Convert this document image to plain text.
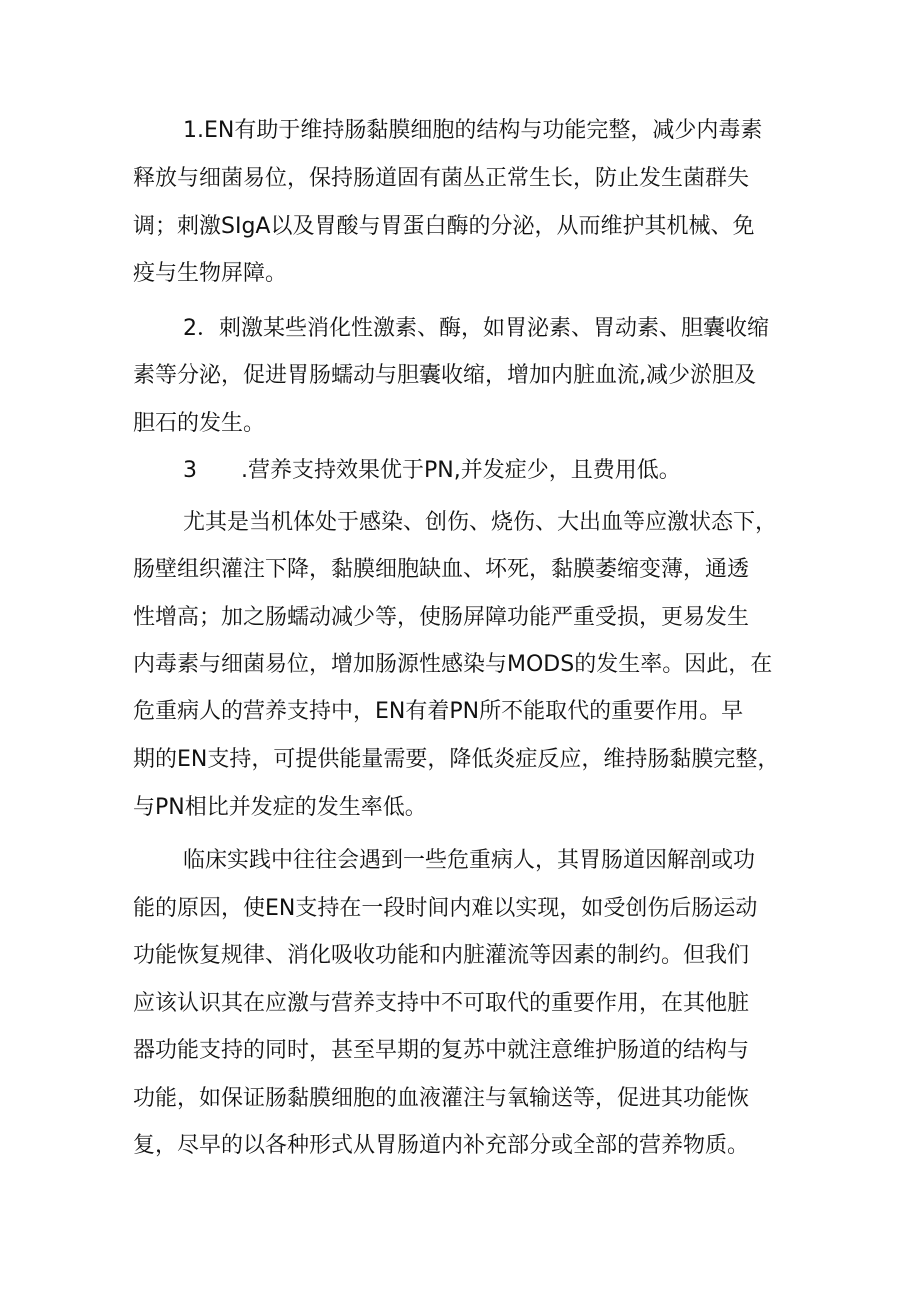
1.EN有助于维持肠黏膜细胞的结构与功能完整，减少内毒素
释放与细菌易位，保持肠道固有菌丛正常生长，防止发生菌群失
调；刺激SIgA以及胃酸与胃蛋白酶的分泌，从而维护其机械、免
疫与生物屏障。
2．刺激某些消化性激素、酶，如胃泌素、胃动素、胆囊收缩
素等分泌，促进胃肠蠕动与胆囊收缩，增加内脏血流,减少淤胆及
胆石的发生。
3　　.营养支持效果优于PN,并发症少，且费用低。
尤其是当机体处于感染、创伤、烧伤、大出血等应激状态下，
肠壁组织灌注下降，黏膜细胞缺血、坏死，黏膜萎缩变薄，通透
性增高；加之肠蠕动减少等，使肠屏障功能严重受损，更易发生
内毒素与细菌易位，增加肠源性感染与MODS的发生率。因此，在
危重病人的营养支持中，EN有着PN所不能取代的重要作用。早
期的EN支持，可提供能量需要，降低炎症反应，维持肠黏膜完整，
与PN相比并发症的发生率低。
临床实践中往往会遇到一些危重病人，其胃肠道因解剖或功
能的原因，使EN支持在一段时间内难以实现，如受创伤后肠运动
功能恢复规律、消化吸收功能和内脏灌流等因素的制约。但我们
应该认识其在应激与营养支持中不可取代的重要作用，在其他脏
器功能支持的同时，甚至早期的复苏中就注意维护肠道的结构与
功能，如保证肠黏膜细胞的血液灌注与氧输送等，促进其功能恢
复，尽早的以各种形式从胃肠道内补充部分或全部的营养物质。
